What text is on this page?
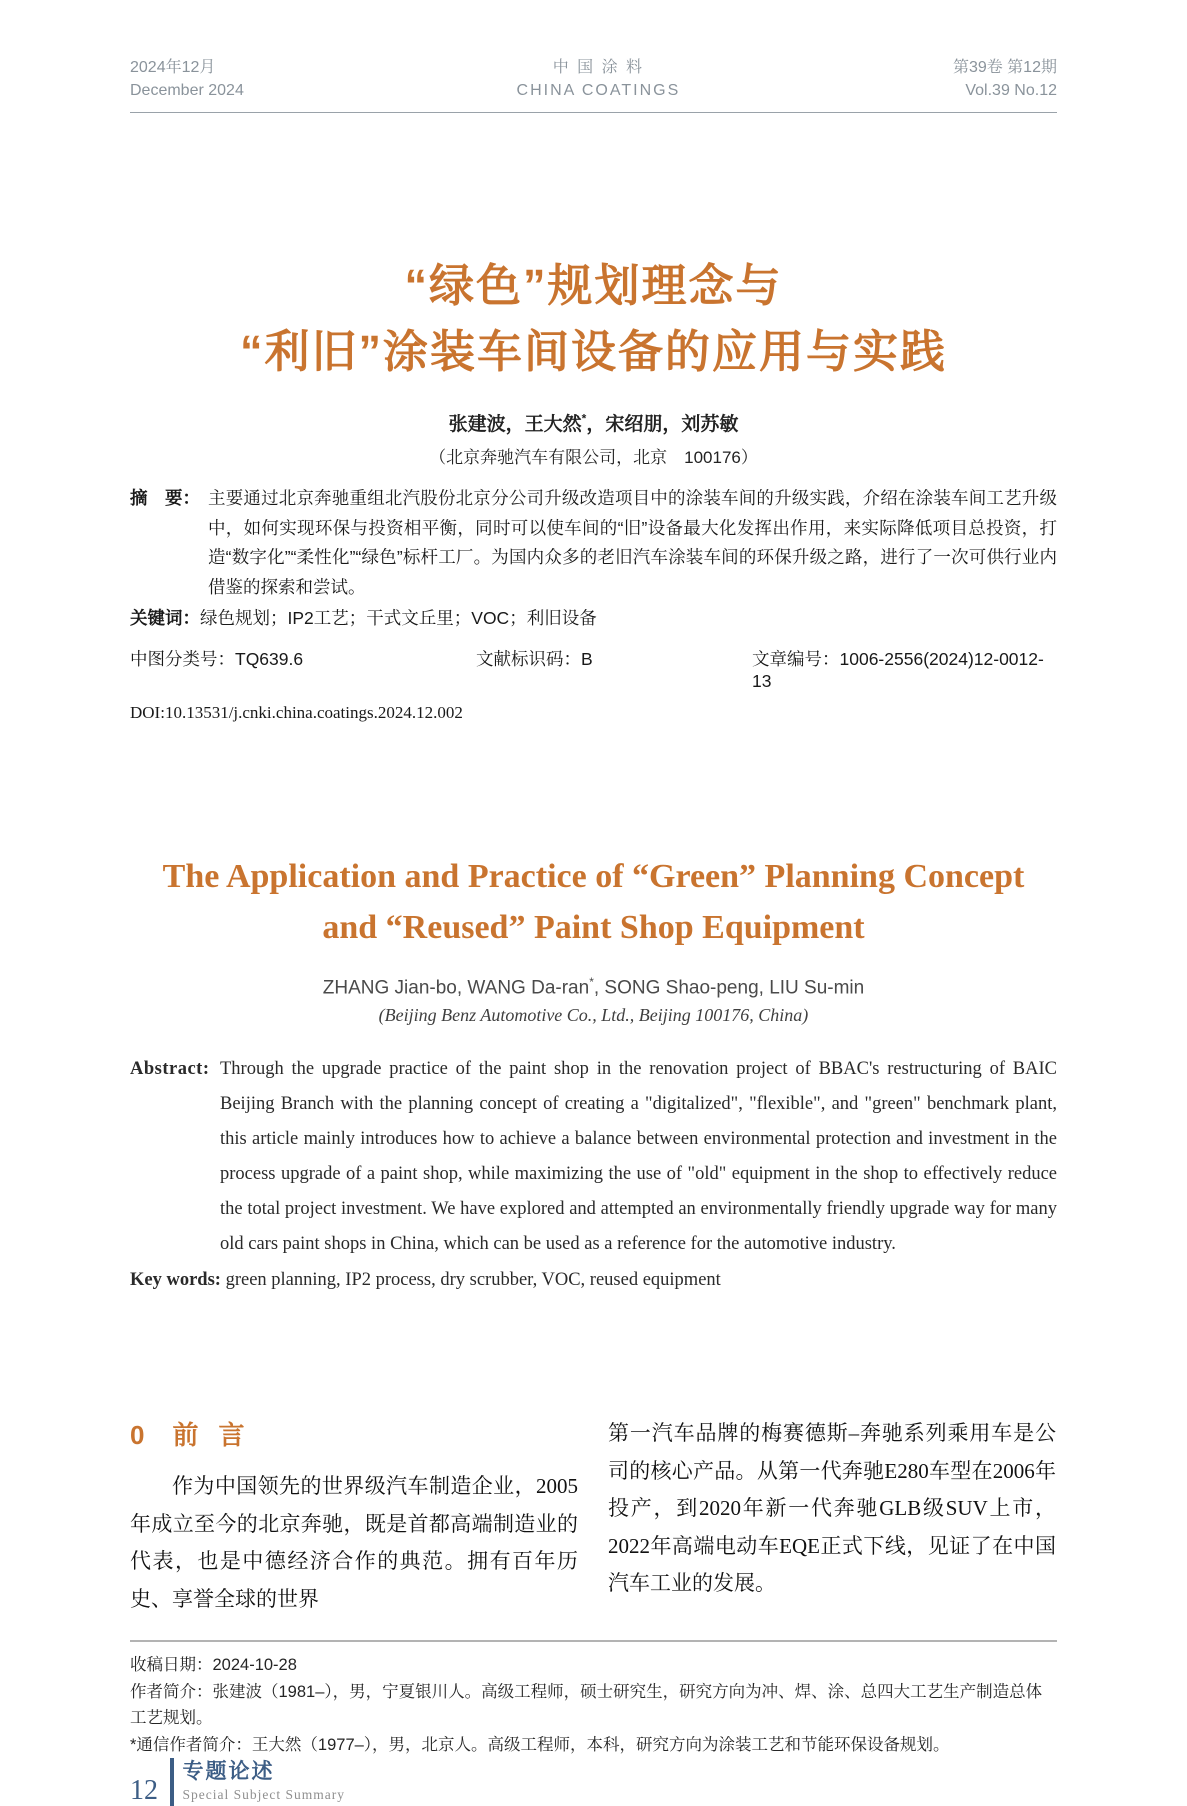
2024年12月
December 2024
中 国 涂 料
CHINA COATINGS
第39卷 第12期
Vol.39 No.12
“绿色”规划理念与
“利旧”涂装车间设备的应用与实践
张建波，王大然*，宋绍朋，刘苏敏
（北京奔驰汽车有限公司，北京　100176）
摘　要： 主要通过北京奔驰重组北汽股份北京分公司升级改造项目中的涂装车间的升级实践，介绍在涂装车间工艺升级中，如何实现环保与投资相平衡，同时可以使车间的“旧”设备最大化发挥出作用，来实际降低项目总投资，打造“数字化”“柔性化”“绿色”标杆工厂。为国内众多的老旧汽车涂装车间的环保升级之路，进行了一次可供行业内借鉴的探索和尝试。
关键词：绿色规划；IP2工艺；干式文丘里；VOC；利旧设备
中图分类号：TQ639.6	文献标识码：B	文章编号：1006-2556(2024)12-0012-13
DOI:10.13531/j.cnki.china.coatings.2024.12.002
The Application and Practice of “Green” Planning Concept
and “Reused” Paint Shop Equipment
ZHANG Jian-bo, WANG Da-ran*, SONG Shao-peng, LIU Su-min
(Beijing Benz Automotive Co., Ltd., Beijing 100176, China)
Abstract: Through the upgrade practice of the paint shop in the renovation project of BBAC's restructuring of BAIC Beijing Branch with the planning concept of creating a "digitalized", "flexible", and "green" benchmark plant, this article mainly introduces how to achieve a balance between environmental protection and investment in the process upgrade of a paint shop, while maximizing the use of "old" equipment in the shop to effectively reduce the total project investment. We have explored and attempted an environmentally friendly upgrade way for many old cars paint shops in China, which can be used as a reference for the automotive industry.
Key words: green planning, IP2 process, dry scrubber, VOC, reused equipment
0 前言

作为中国领先的世界级汽车制造企业，2005年成立至今的北京奔驰，既是首都高端制造业的代表，也是中德经济合作的典范。拥有百年历史、享誉全球的世界

第一汽车品牌的梅赛德斯–奔驰系列乘用车是公司的核心产品。从第一代奔驰E280车型在2006年投产，到2020年新一代奔驰GLB级SUV上市，2022年高端电动车EQE正式下线，见证了在中国汽车工业的发展。

收稿日期：2024-10-28
作者简介：张建波（1981–），男，宁夏银川人。高级工程师，硕士研究生，研究方向为冲、焊、涂、总四大工艺生产制造总体工艺规划。
*通信作者简介：王大然（1977–），男，北京人。高级工程师，本科，研究方向为涂装工艺和节能环保设备规划。
12
专题论述
Special Subject Summary
